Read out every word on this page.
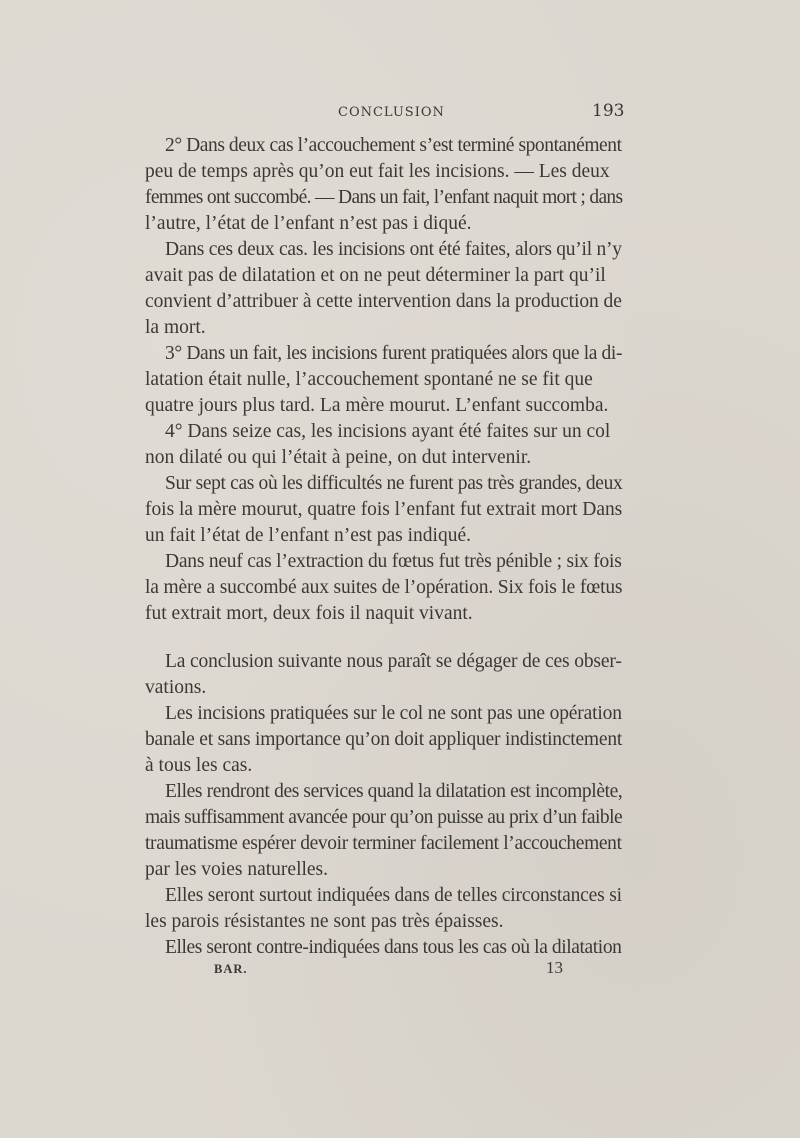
CONCLUSION	193
2° Dans deux cas l’accouchement s’est terminé spontanément
peu de temps après qu’on eut fait les incisions. — Les deux
femmes ont succombé. — Dans un fait, l’enfant naquit mort ; dans
l’autre, l’état de l’enfant n’est pas i diqué.
Dans ces deux cas. les incisions ont été faites, alors qu’il n’y
avait pas de dilatation et on ne peut déterminer la part qu’il
convient d’attribuer à cette intervention dans la production de
la mort.
3° Dans un fait, les incisions furent pratiquées alors que la di-
latation était nulle, l’accouchement spontané ne se fit que
quatre jours plus tard. La mère mourut. L’enfant succomba.
4° Dans seize cas, les incisions ayant été faites sur un col
non dilaté ou qui l’était à peine, on dut intervenir.
Sur sept cas où les difficultés ne furent pas très grandes, deux
fois la mère mourut, quatre fois l’enfant fut extrait mort Dans
un fait l’état de l’enfant n’est pas indiqué.
Dans neuf cas l’extraction du fœtus fut très pénible ; six fois
la mère a succombé aux suites de l’opération. Six fois le fœtus
fut extrait mort, deux fois il naquit vivant.
La conclusion suivante nous paraît se dégager de ces obser-
vations.
Les incisions pratiquées sur le col ne sont pas une opération
banale et sans importance qu’on doit appliquer indistinctement
à tous les cas.
Elles rendront des services quand la dilatation est incomplète,
mais suffisamment avancée pour qu’on puisse au prix d’un faible
traumatisme espérer devoir terminer facilement l’accouchement
par les voies naturelles.
Elles seront surtout indiquées dans de telles circonstances si
les parois résistantes ne sont pas très épaisses.
Elles seront contre-indiquées dans tous les cas où la dilatation
BAR.	13
